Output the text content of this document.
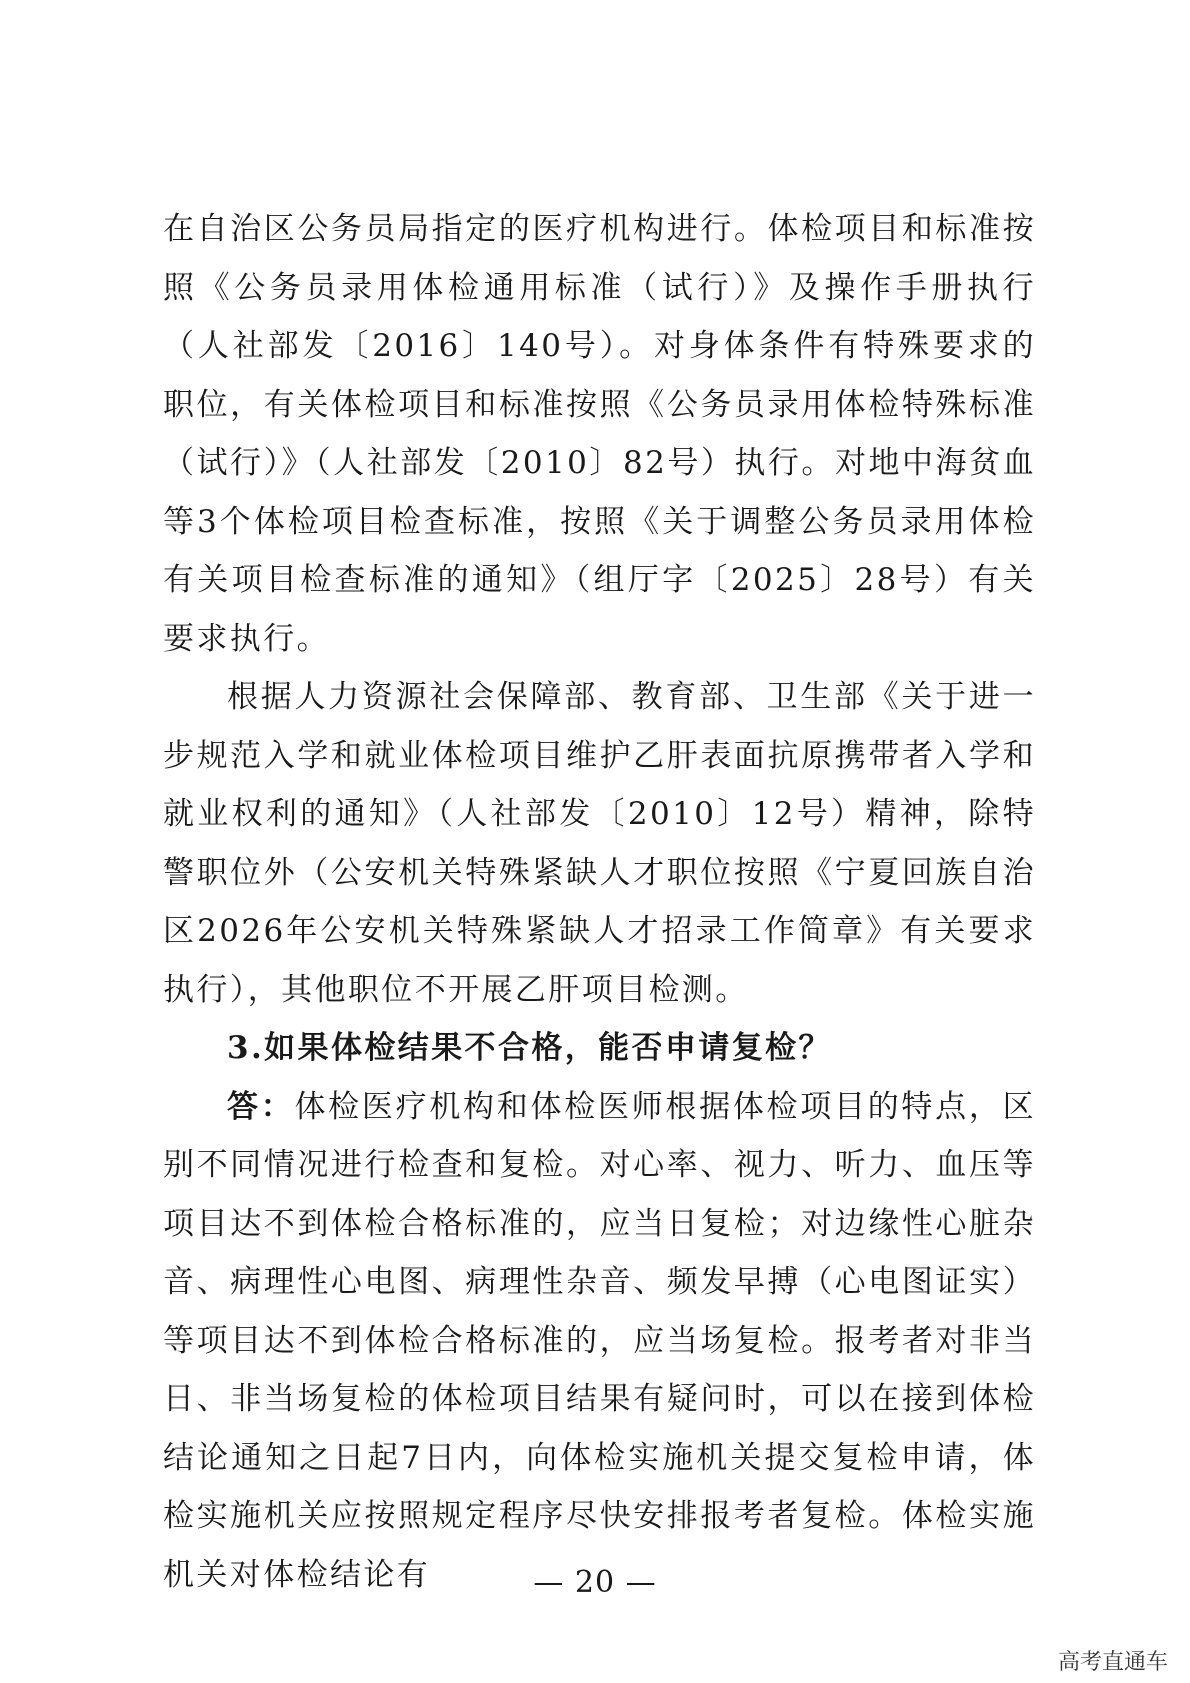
在自治区公务员局指定的医疗机构进行。体检项目和标准按照《公务员录用体检通用标准（试行）》及操作手册执行（人社部发〔2016〕140号）。对身体条件有特殊要求的职位，有关体检项目和标准按照《公务员录用体检特殊标准（试行）》（人社部发〔2010〕82号）执行。对地中海贫血等3个体检项目检查标准，按照《关于调整公务员录用体检有关项目检查标准的通知》（组厅字〔2025〕28号）有关要求执行。

根据人力资源社会保障部、教育部、卫生部《关于进一步规范入学和就业体检项目维护乙肝表面抗原携带者入学和就业权利的通知》（人社部发〔2010〕12号）精神，除特警职位外（公安机关特殊紧缺人才职位按照《宁夏回族自治区2026年公安机关特殊紧缺人才招录工作简章》有关要求执行），其他职位不开展乙肝项目检测。

3.如果体检结果不合格，能否申请复检？

答：体检医疗机构和体检医师根据体检项目的特点，区别不同情况进行检查和复检。对心率、视力、听力、血压等项目达不到体检合格标准的，应当日复检；对边缘性心脏杂音、病理性心电图、病理性杂音、频发早搏（心电图证实）等项目达不到体检合格标准的，应当场复检。报考者对非当日、非当场复检的体检项目结果有疑问时，可以在接到体检结论通知之日起7日内，向体检实施机关提交复检申请，体检实施机关应按照规定程序尽快安排报考者复检。体检实施机关对体检结论有	— 20 —
高考直通车
